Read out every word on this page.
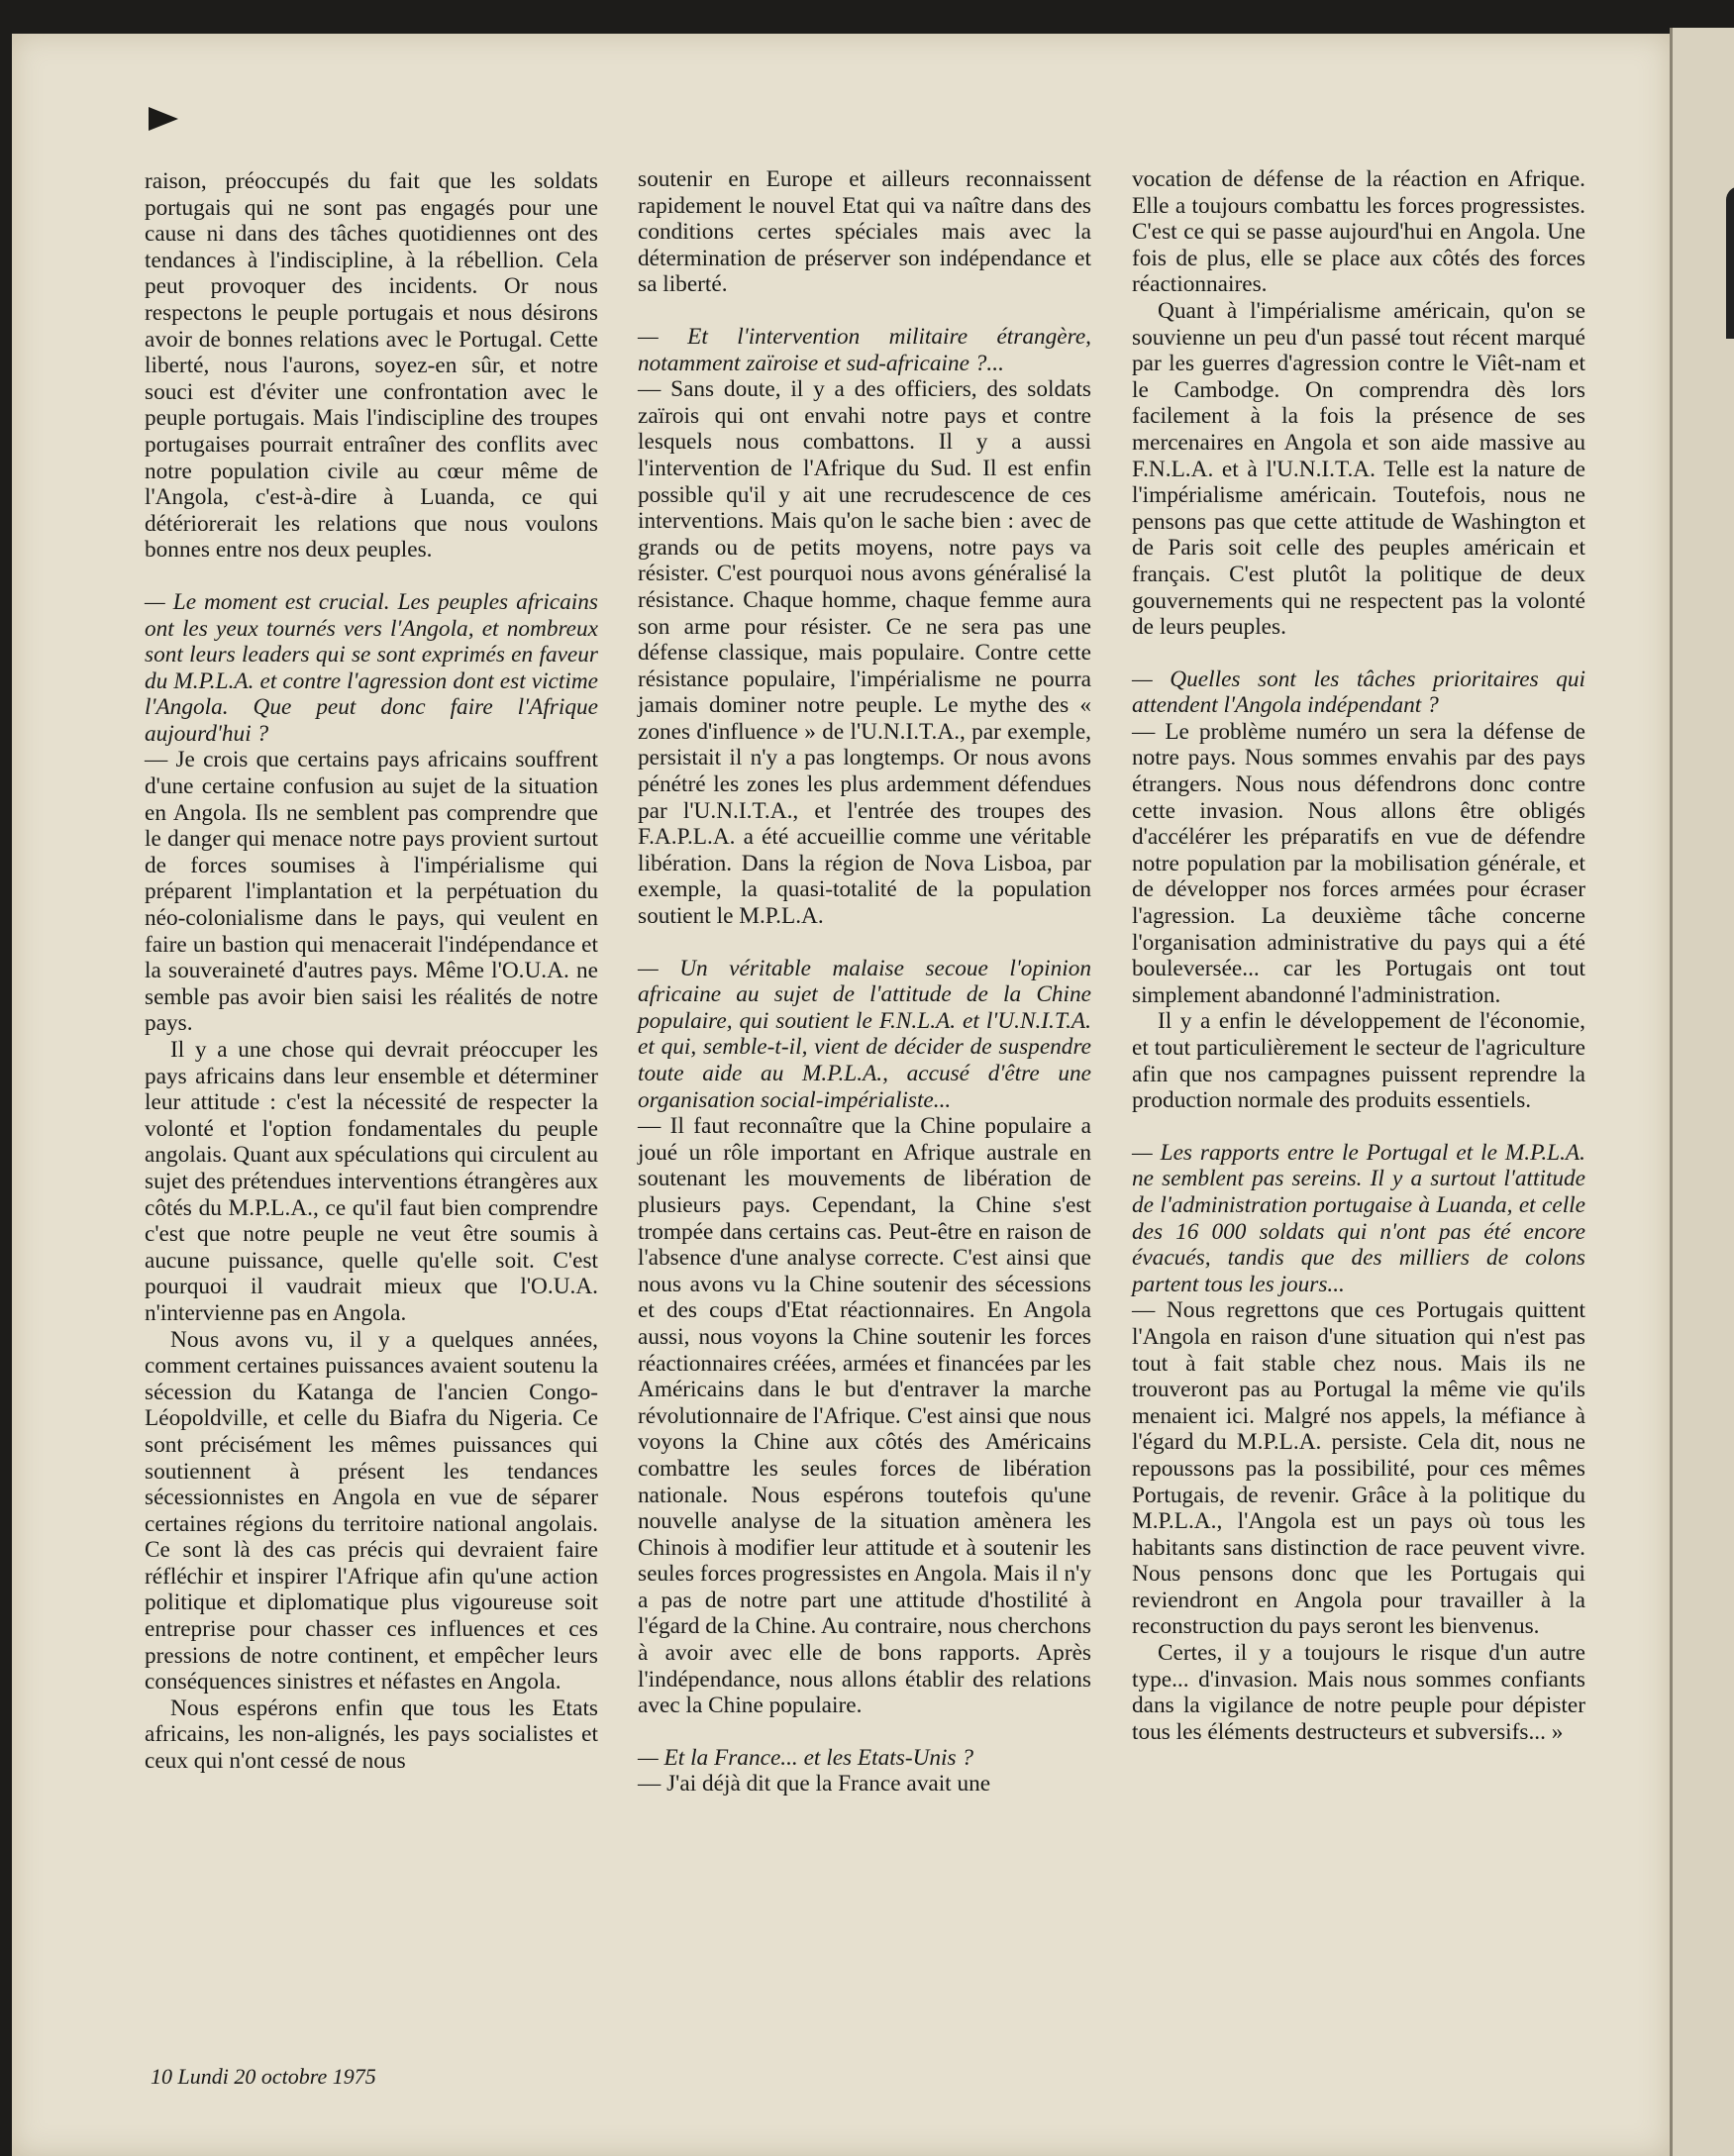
raison, préoccupés du fait que les soldats portugais qui ne sont pas engagés pour une cause ni dans des tâches quotidiennes ont des tendances à l'indiscipline, à la rébellion. Cela peut provoquer des incidents. Or nous respectons le peuple portugais et nous désirons avoir de bonnes relations avec le Portugal. Cette liberté, nous l'aurons, soyez-en sûr, et notre souci est d'éviter une confrontation avec le peuple portugais. Mais l'indiscipline des troupes portugaises pourrait entraîner des conflits avec notre population civile au cœur même de l'Angola, c'est-à-dire à Luanda, ce qui détériorerait les relations que nous voulons bonnes entre nos deux peuples.

— Le moment est crucial. Les peuples africains ont les yeux tournés vers l'Angola, et nombreux sont leurs leaders qui se sont exprimés en faveur du M.P.L.A. et contre l'agression dont est victime l'Angola. Que peut donc faire l'Afrique aujourd'hui ?

— Je crois que certains pays africains souffrent d'une certaine confusion au sujet de la situation en Angola. Ils ne semblent pas comprendre que le danger qui menace notre pays provient surtout de forces soumises à l'impérialisme qui préparent l'implantation et la perpétuation du néo-colonialisme dans le pays, qui veulent en faire un bastion qui menacerait l'indépendance et la souveraineté d'autres pays. Même l'O.U.A. ne semble pas avoir bien saisi les réalités de notre pays.

Il y a une chose qui devrait préoccuper les pays africains dans leur ensemble et déterminer leur attitude : c'est la nécessité de respecter la volonté et l'option fondamentales du peuple angolais. Quant aux spéculations qui circulent au sujet des prétendues interventions étrangères aux côtés du M.P.L.A., ce qu'il faut bien comprendre c'est que notre peuple ne veut être soumis à aucune puissance, quelle qu'elle soit. C'est pourquoi il vaudrait mieux que l'O.U.A. n'intervienne pas en Angola.

Nous avons vu, il y a quelques années, comment certaines puissances avaient soutenu la sécession du Katanga de l'ancien Congo-Léopoldville, et celle du Biafra du Nigeria. Ce sont précisément les mêmes puissances qui soutiennent à présent les tendances sécessionnistes en Angola en vue de séparer certaines régions du territoire national angolais. Ce sont là des cas précis qui devraient faire réfléchir et inspirer l'Afrique afin qu'une action politique et diplomatique plus vigoureuse soit entreprise pour chasser ces influences et ces pressions de notre continent, et empêcher leurs conséquences sinistres et néfastes en Angola.

Nous espérons enfin que tous les Etats africains, les non-alignés, les pays socialistes et ceux qui n'ont cessé de nous

soutenir en Europe et ailleurs reconnaissent rapidement le nouvel Etat qui va naître dans des conditions certes spéciales mais avec la détermination de préserver son indépendance et sa liberté.

— Et l'intervention militaire étrangère, notamment zaïroise et sud-africaine ?...

— Sans doute, il y a des officiers, des soldats zaïrois qui ont envahi notre pays et contre lesquels nous combattons. Il y a aussi l'intervention de l'Afrique du Sud. Il est enfin possible qu'il y ait une recrudescence de ces interventions. Mais qu'on le sache bien : avec de grands ou de petits moyens, notre pays va résister. C'est pourquoi nous avons généralisé la résistance. Chaque homme, chaque femme aura son arme pour résister. Ce ne sera pas une défense classique, mais populaire. Contre cette résistance populaire, l'impérialisme ne pourra jamais dominer notre peuple. Le mythe des « zones d'influence » de l'U.N.I.T.A., par exemple, persistait il n'y a pas longtemps. Or nous avons pénétré les zones les plus ardemment défendues par l'U.N.I.T.A., et l'entrée des troupes des F.A.P.L.A. a été accueillie comme une véritable libération. Dans la région de Nova Lisboa, par exemple, la quasi-totalité de la population soutient le M.P.L.A.

— Un véritable malaise secoue l'opinion africaine au sujet de l'attitude de la Chine populaire, qui soutient le F.N.L.A. et l'U.N.I.T.A. et qui, semble-t-il, vient de décider de suspendre toute aide au M.P.L.A., accusé d'être une organisation social-impérialiste...

— Il faut reconnaître que la Chine populaire a joué un rôle important en Afrique australe en soutenant les mouvements de libération de plusieurs pays. Cependant, la Chine s'est trompée dans certains cas. Peut-être en raison de l'absence d'une analyse correcte. C'est ainsi que nous avons vu la Chine soutenir des sécessions et des coups d'Etat réactionnaires. En Angola aussi, nous voyons la Chine soutenir les forces réactionnaires créées, armées et financées par les Américains dans le but d'entraver la marche révolutionnaire de l'Afrique. C'est ainsi que nous voyons la Chine aux côtés des Américains combattre les seules forces de libération nationale. Nous espérons toutefois qu'une nouvelle analyse de la situation amènera les Chinois à modifier leur attitude et à soutenir les seules forces progressistes en Angola. Mais il n'y a pas de notre part une attitude d'hostilité à l'égard de la Chine. Au contraire, nous cherchons à avoir avec elle de bons rapports. Après l'indépendance, nous allons établir des relations avec la Chine populaire.

— Et la France... et les Etats-Unis ?

— J'ai déjà dit que la France avait une

vocation de défense de la réaction en Afrique. Elle a toujours combattu les forces progressistes. C'est ce qui se passe aujourd'hui en Angola. Une fois de plus, elle se place aux côtés des forces réactionnaires.

Quant à l'impérialisme américain, qu'on se souvienne un peu d'un passé tout récent marqué par les guerres d'agression contre le Viêt-nam et le Cambodge. On comprendra dès lors facilement à la fois la présence de ses mercenaires en Angola et son aide massive au F.N.L.A. et à l'U.N.I.T.A. Telle est la nature de l'impérialisme américain. Toutefois, nous ne pensons pas que cette attitude de Washington et de Paris soit celle des peuples américain et français. C'est plutôt la politique de deux gouvernements qui ne respectent pas la volonté de leurs peuples.

— Quelles sont les tâches prioritaires qui attendent l'Angola indépendant ?

— Le problème numéro un sera la défense de notre pays. Nous sommes envahis par des pays étrangers. Nous nous défendrons donc contre cette invasion. Nous allons être obligés d'accélérer les préparatifs en vue de défendre notre population par la mobilisation générale, et de développer nos forces armées pour écraser l'agression. La deuxième tâche concerne l'organisation administrative du pays qui a été bouleversée... car les Portugais ont tout simplement abandonné l'administration.

Il y a enfin le développement de l'économie, et tout particulièrement le secteur de l'agriculture afin que nos campagnes puissent reprendre la production normale des produits essentiels.

— Les rapports entre le Portugal et le M.P.L.A. ne semblent pas sereins. Il y a surtout l'attitude de l'administration portugaise à Luanda, et celle des 16 000 soldats qui n'ont pas été encore évacués, tandis que des milliers de colons partent tous les jours...

— Nous regrettons que ces Portugais quittent l'Angola en raison d'une situation qui n'est pas tout à fait stable chez nous. Mais ils ne trouveront pas au Portugal la même vie qu'ils menaient ici. Malgré nos appels, la méfiance à l'égard du M.P.L.A. persiste. Cela dit, nous ne repoussons pas la possibilité, pour ces mêmes Portugais, de revenir. Grâce à la politique du M.P.L.A., l'Angola est un pays où tous les habitants sans distinction de race peuvent vivre. Nous pensons donc que les Portugais qui reviendront en Angola pour travailler à la reconstruction du pays seront les bienvenus.

Certes, il y a toujours le risque d'un autre type... d'invasion. Mais nous sommes confiants dans la vigilance de notre peuple pour dépister tous les éléments destructeurs et subversifs... »

10 Lundi 20 octobre 1975
